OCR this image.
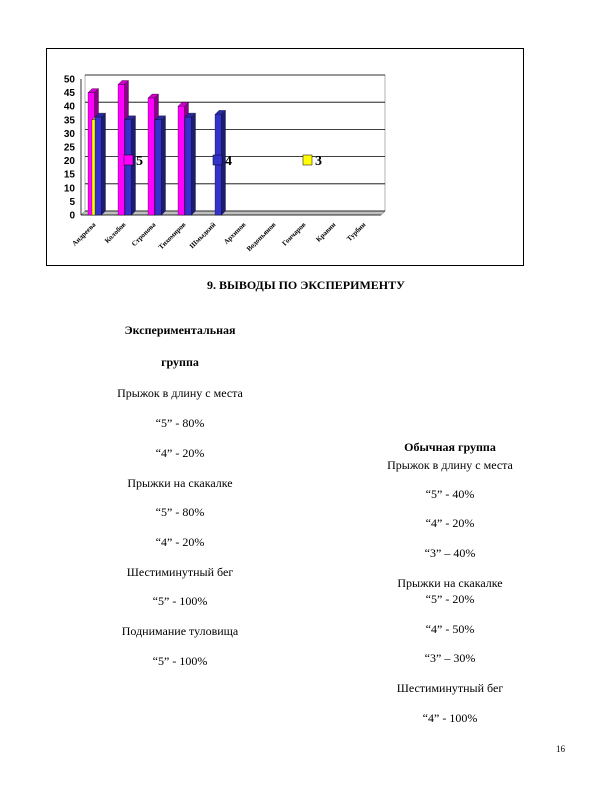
0
5
10
15
20
25
30
35
40
45
50
Андреева Колобов Стронова Тихомиров Шмыдкий Архипов
Водопьянов Гончаров Кравин Турбин
5	4	3
9. ВЫВОДЫ ПО ЭКСПЕРИМЕНТУ
Экспериментальная
группа
Прыжок в длину с места
“5” - 80%
“4” - 20%
Прыжки на скакалке
“5” - 80%
“4” - 20%
Шестиминутный бег
“5” - 100%
Поднимание туловища
“5” - 100%
Обычная группа
Прыжок в длину с места
“5” - 40%
“4” - 20%
“3” – 40%
Прыжки на скакалке
“5” - 20%
“4” - 50%
“3” – 30%
Шестиминутный бег
“4” - 100%
16
